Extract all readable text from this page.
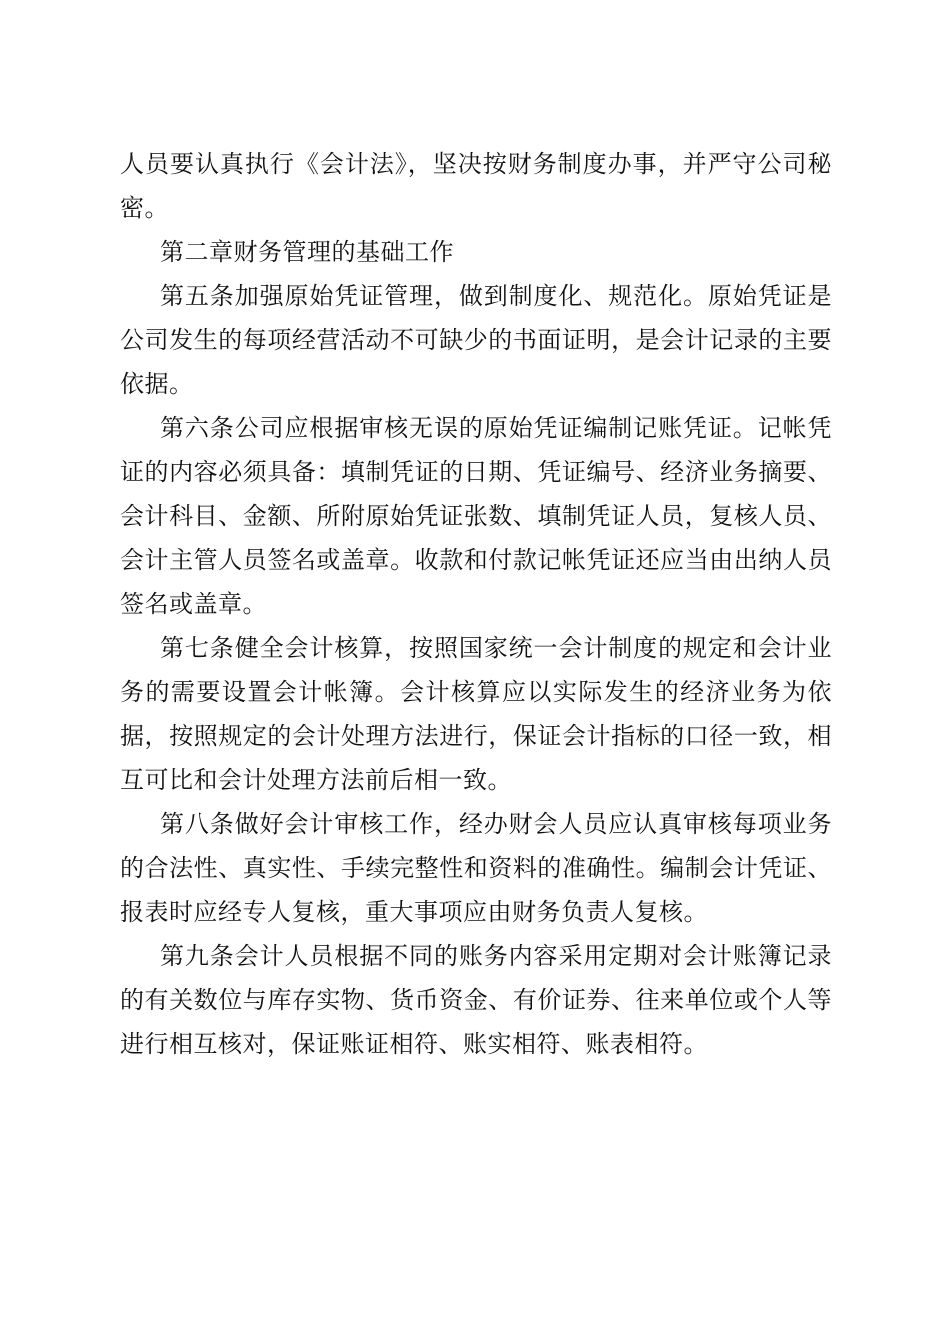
人员要认真执行《会计法》，坚决按财务制度办事，并严守公司秘密。

第二章财务管理的基础工作

第五条加强原始凭证管理，做到制度化、规范化。原始凭证是公司发生的每项经营活动不可缺少的书面证明，是会计记录的主要依据。

第六条公司应根据审核无误的原始凭证编制记账凭证。记帐凭证的内容必须具备：填制凭证的日期、凭证编号、经济业务摘要、会计科目、金额、所附原始凭证张数、填制凭证人员，复核人员、会计主管人员签名或盖章。收款和付款记帐凭证还应当由出纳人员签名或盖章。

第七条健全会计核算，按照国家统一会计制度的规定和会计业务的需要设置会计帐簿。会计核算应以实际发生的经济业务为依据，按照规定的会计处理方法进行，保证会计指标的口径一致，相互可比和会计处理方法前后相一致。

第八条做好会计审核工作，经办财会人员应认真审核每项业务的合法性、真实性、手续完整性和资料的准确性。编制会计凭证、报表时应经专人复核，重大事项应由财务负责人复核。

第九条会计人员根据不同的账务内容采用定期对会计账簿记录的有关数位与库存实物、货币资金、有价证券、往来单位或个人等进行相互核对，保证账证相符、账实相符、账表相符。
